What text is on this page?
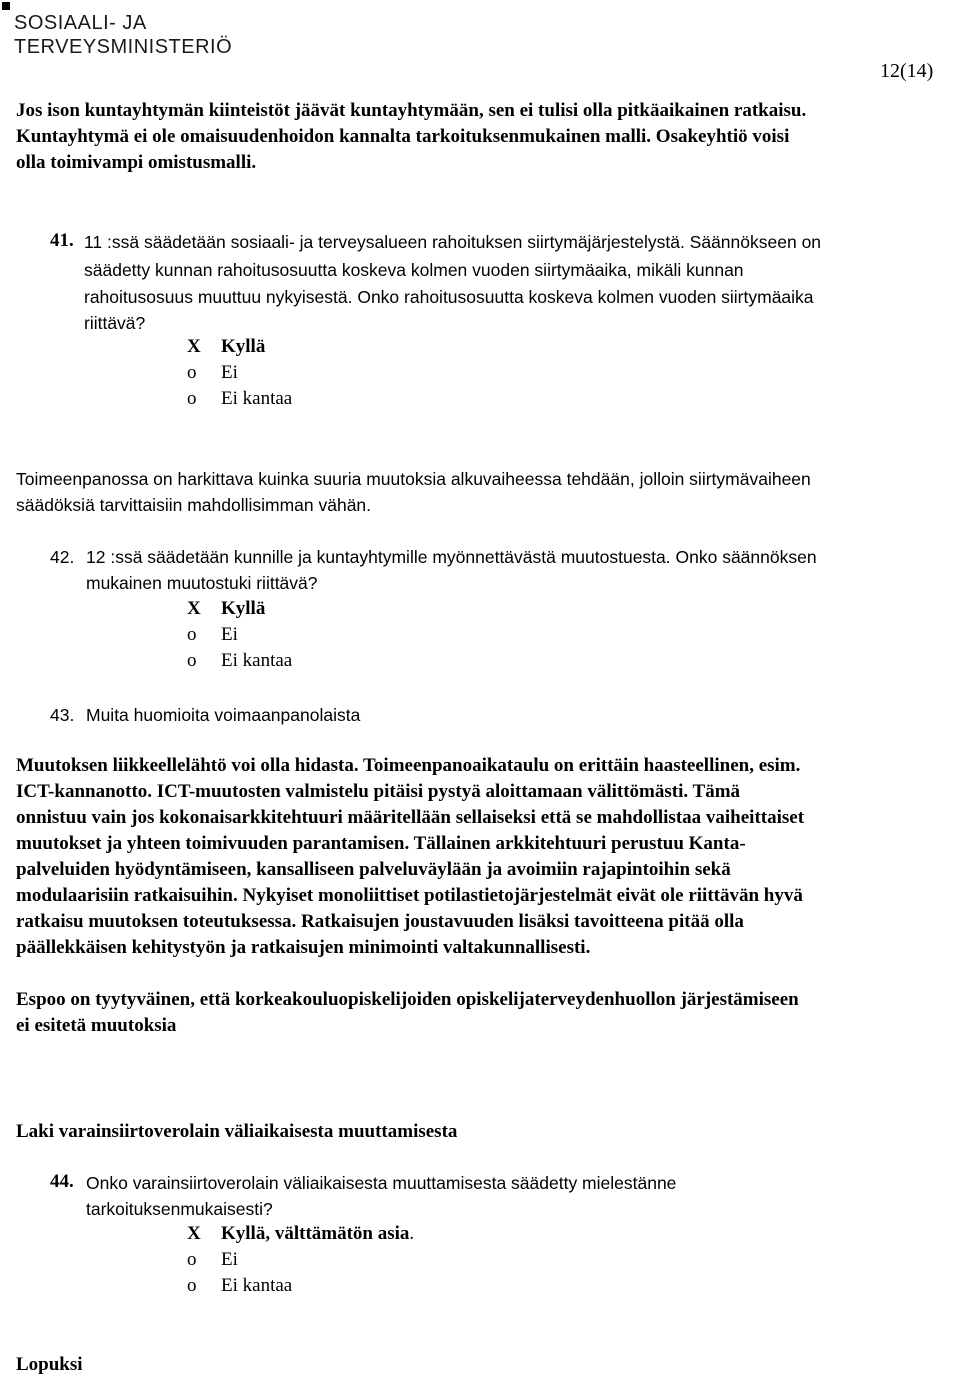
SOSIAALI- JA
TERVEYSMINISTERIÖ
12(14)
Jos ison kuntayhtymän kiinteistöt jäävät kuntayhtymään, sen ei tulisi olla pitkäaikainen ratkaisu.
Kuntayhtymä ei ole omaisuudenhoidon kannalta tarkoituksenmukainen malli. Osakeyhtiö voisi
olla toimivampi omistusmalli.
41. 11 :ssä säädetään sosiaali- ja terveysalueen rahoituksen siirtymäjärjestelystä. Säännökseen on
säädetty kunnan rahoitusosuutta koskeva kolmen vuoden siirtymäaika, mikäli kunnan
rahoitusosuus muuttuu nykyisestä. Onko rahoitusosuutta koskeva kolmen vuoden siirtymäaika
riittävä?
X Kyllä
o Ei
o Ei kantaa
Toimeenpanossa on harkittava kuinka suuria muutoksia alkuvaiheessa tehdään, jolloin siirtymävaiheen
säädöksiä tarvittaisiin mahdollisimman vähän.
42. 12 :ssä säädetään kunnille ja kuntayhtymille myönnettävästä muutostuesta. Onko säännöksen
mukainen muutostuki riittävä?
X Kyllä
o Ei
o Ei kantaa
43. Muita huomioita voimaanpanolaista
Muutoksen liikkeellelähtö voi olla hidasta. Toimeenpanoaikataulu on erittäin haasteellinen, esim.
ICT-kannanotto. ICT-muutosten valmistelu pitäisi pystyä aloittamaan välittömästi. Tämä
onnistuu vain jos kokonaisarkkitehtuuri määritellään sellaiseksi että se mahdollistaa vaiheittaiset
muutokset ja yhteen toimivuuden parantamisen. Tällainen arkkitehtuuri perustuu Kanta-
palveluiden hyödyntämiseen, kansalliseen palveluväylään ja avoimiin rajapintoihin sekä
modulaarisiin ratkaisuihin. Nykyiset monoliittiset potilastietojärjestelmät eivät ole riittävän hyvä
ratkaisu muutoksen toteutuksessa. Ratkaisujen joustavuuden lisäksi tavoitteena pitää olla
päällekkäisen kehitystyön ja ratkaisujen minimointi valtakunnallisesti.
Espoo on tyytyväinen, että korkeakouluopiskelijoiden opiskelijaterveydenhuollon järjestämiseen
ei esitetä muutoksia
Laki varainsiirtoverolain väliaikaisesta muuttamisesta
44. Onko varainsiirtoverolain väliaikaisesta muuttamisesta säädetty mielestänne
tarkoituksenmukaisesti?
X Kyllä, välttämätön asia.
o Ei
o Ei kantaa
Lopuksi
